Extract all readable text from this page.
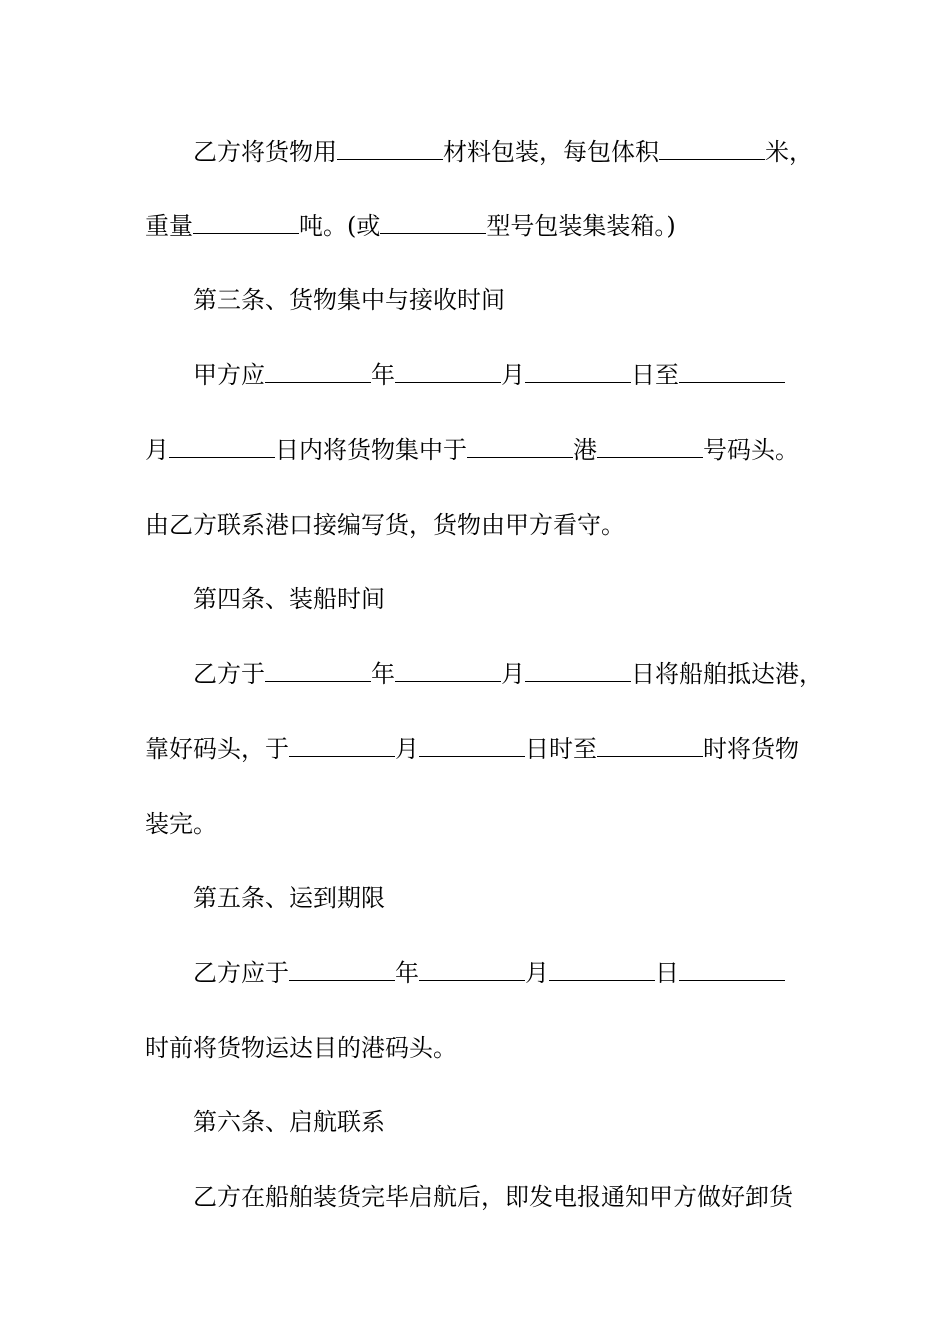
乙方将货物用	材料包装，每包体积	米，
重量	吨。(或	型号包装集装箱。)
第三条、货物集中与接收时间
甲方应	年	月	日至
月	日内将货物集中于	港	号码头。
由乙方联系港口接编写货，货物由甲方看守。
第四条、装船时间
乙方于	年	月	日将船舶抵达港，
靠好码头，于	月	日时至	时将货物
装完。
第五条、运到期限
乙方应于	年	月	日
时前将货物运达目的港码头。
第六条、启航联系
乙方在船舶装货完毕启航后，即发电报通知甲方做好卸货
